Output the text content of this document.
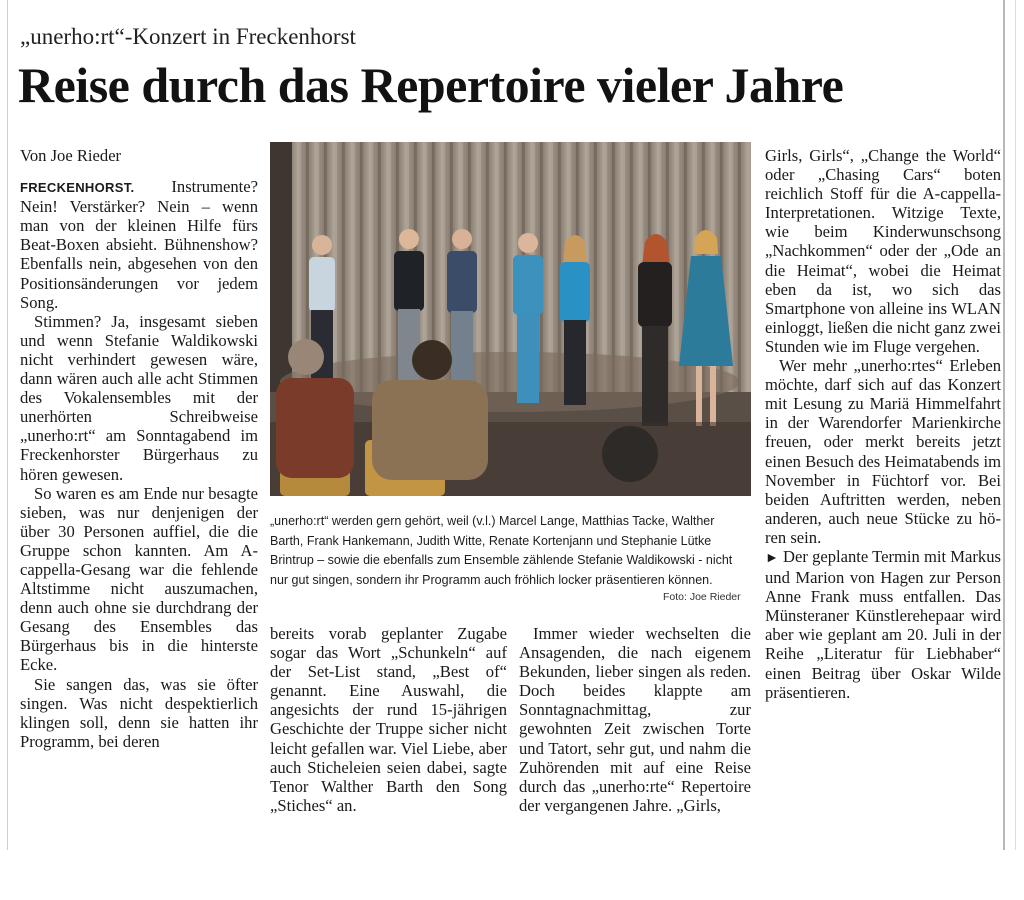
„unerho:rt“-Konzert in Freckenhorst
Reise durch das Repertoire vieler Jahre
Von Joe Rieder

FRECKENHORST. Instrumente? Nein! Verstärker? Nein – wenn man von der kleinen Hilfe fürs Beat-Boxen absieht. Bühnenshow? Ebenfalls nein, abgesehen von den Positionsänderungen vor jedem Song.

Stimmen? Ja, insgesamt sieben und wenn Stefanie Waldikowski nicht verhindert gewesen wäre, dann wären auch alle acht Stimmen des Vokalensembles mit der unerhörten Schreibweise „unerho:rt“ am Sonntagabend im Freckenhorster Bürgerhaus zu hören gewesen.

So waren es am Ende nur besagte sieben, was nur denjenigen der über 30 Personen auffiel, die die Gruppe schon kannten. Am A-cappella-Gesang war die fehlende Altstimme nicht auszumachen, denn auch ohne sie durchdrang der Gesang des Ensembles das Bürgerhaus bis in die hinterste Ecke.

Sie sangen das, was sie öfter singen. Was nicht despektierlich klingen soll, denn sie hatten ihr Programm, bei deren

„unerho:rt“ werden gern gehört, weil (v.l.) Marcel Lange, Matthias Tacke, Walther Barth, Frank Hankemann, Judith Witte, Renate Kortenjann und Stephanie Lütke Brintrup – sowie die ebenfalls zum Ensemble zählende Stefanie Waldikowski - nicht nur gut singen, sondern ihr Programm auch fröhlich locker präsentieren können.
Foto: Joe Rieder

bereits vorab geplanter Zugabe sogar das Wort „Schunkeln“ auf der Set-List stand, „Best of“ genannt. Eine Auswahl, die angesichts der rund 15-jährigen Geschichte der Truppe sicher nicht leicht gefallen war. Viel Liebe, aber auch Sticheleien seien dabei, sagte Tenor Walther Barth den Song „Stiches“ an.

Immer wieder wechselten die Ansagenden, die nach eigenem Bekunden, lieber singen als reden. Doch beides klappte am Sonntagnachmittag, zur gewohnten Zeit zwischen Torte und Tatort, sehr gut, und nahm die Zuhörenden mit auf eine Reise durch das „unerho:rte“ Repertoire der vergangenen Jahre. „Girls,

Girls, Girls“, „Change the World“ oder „Chasing Cars“ boten reichlich Stoff für die A-cappella-Interpretationen. Witzige Texte, wie beim Kinderwunschsong „Nachkommen“ oder der „Ode an die Heimat“, wobei die Heimat eben da ist, wo sich das Smartphone von alleine ins WLAN einloggt, ließen die nicht ganz zwei Stunden wie im Fluge vergehen.

Wer mehr „unerho:rtes“ Erleben möchte, darf sich auf das Konzert mit Lesung zu Mariä Himmelfahrt in der Warendorfer Marienkirche freuen, oder merkt bereits jetzt einen Besuch des Heimatabends im November in Füchtorf vor. Bei beiden Auftritten werden, neben anderen, auch neue Stücke zu hören sein.

► Der geplante Termin mit Markus und Marion von Hagen zur Person Anne Frank muss entfallen. Das Münsteraner Künstlerehepaar wird aber wie geplant am 20. Juli in der Reihe „Literatur für Liebhaber“ einen Beitrag über Oskar Wilde präsentieren.
